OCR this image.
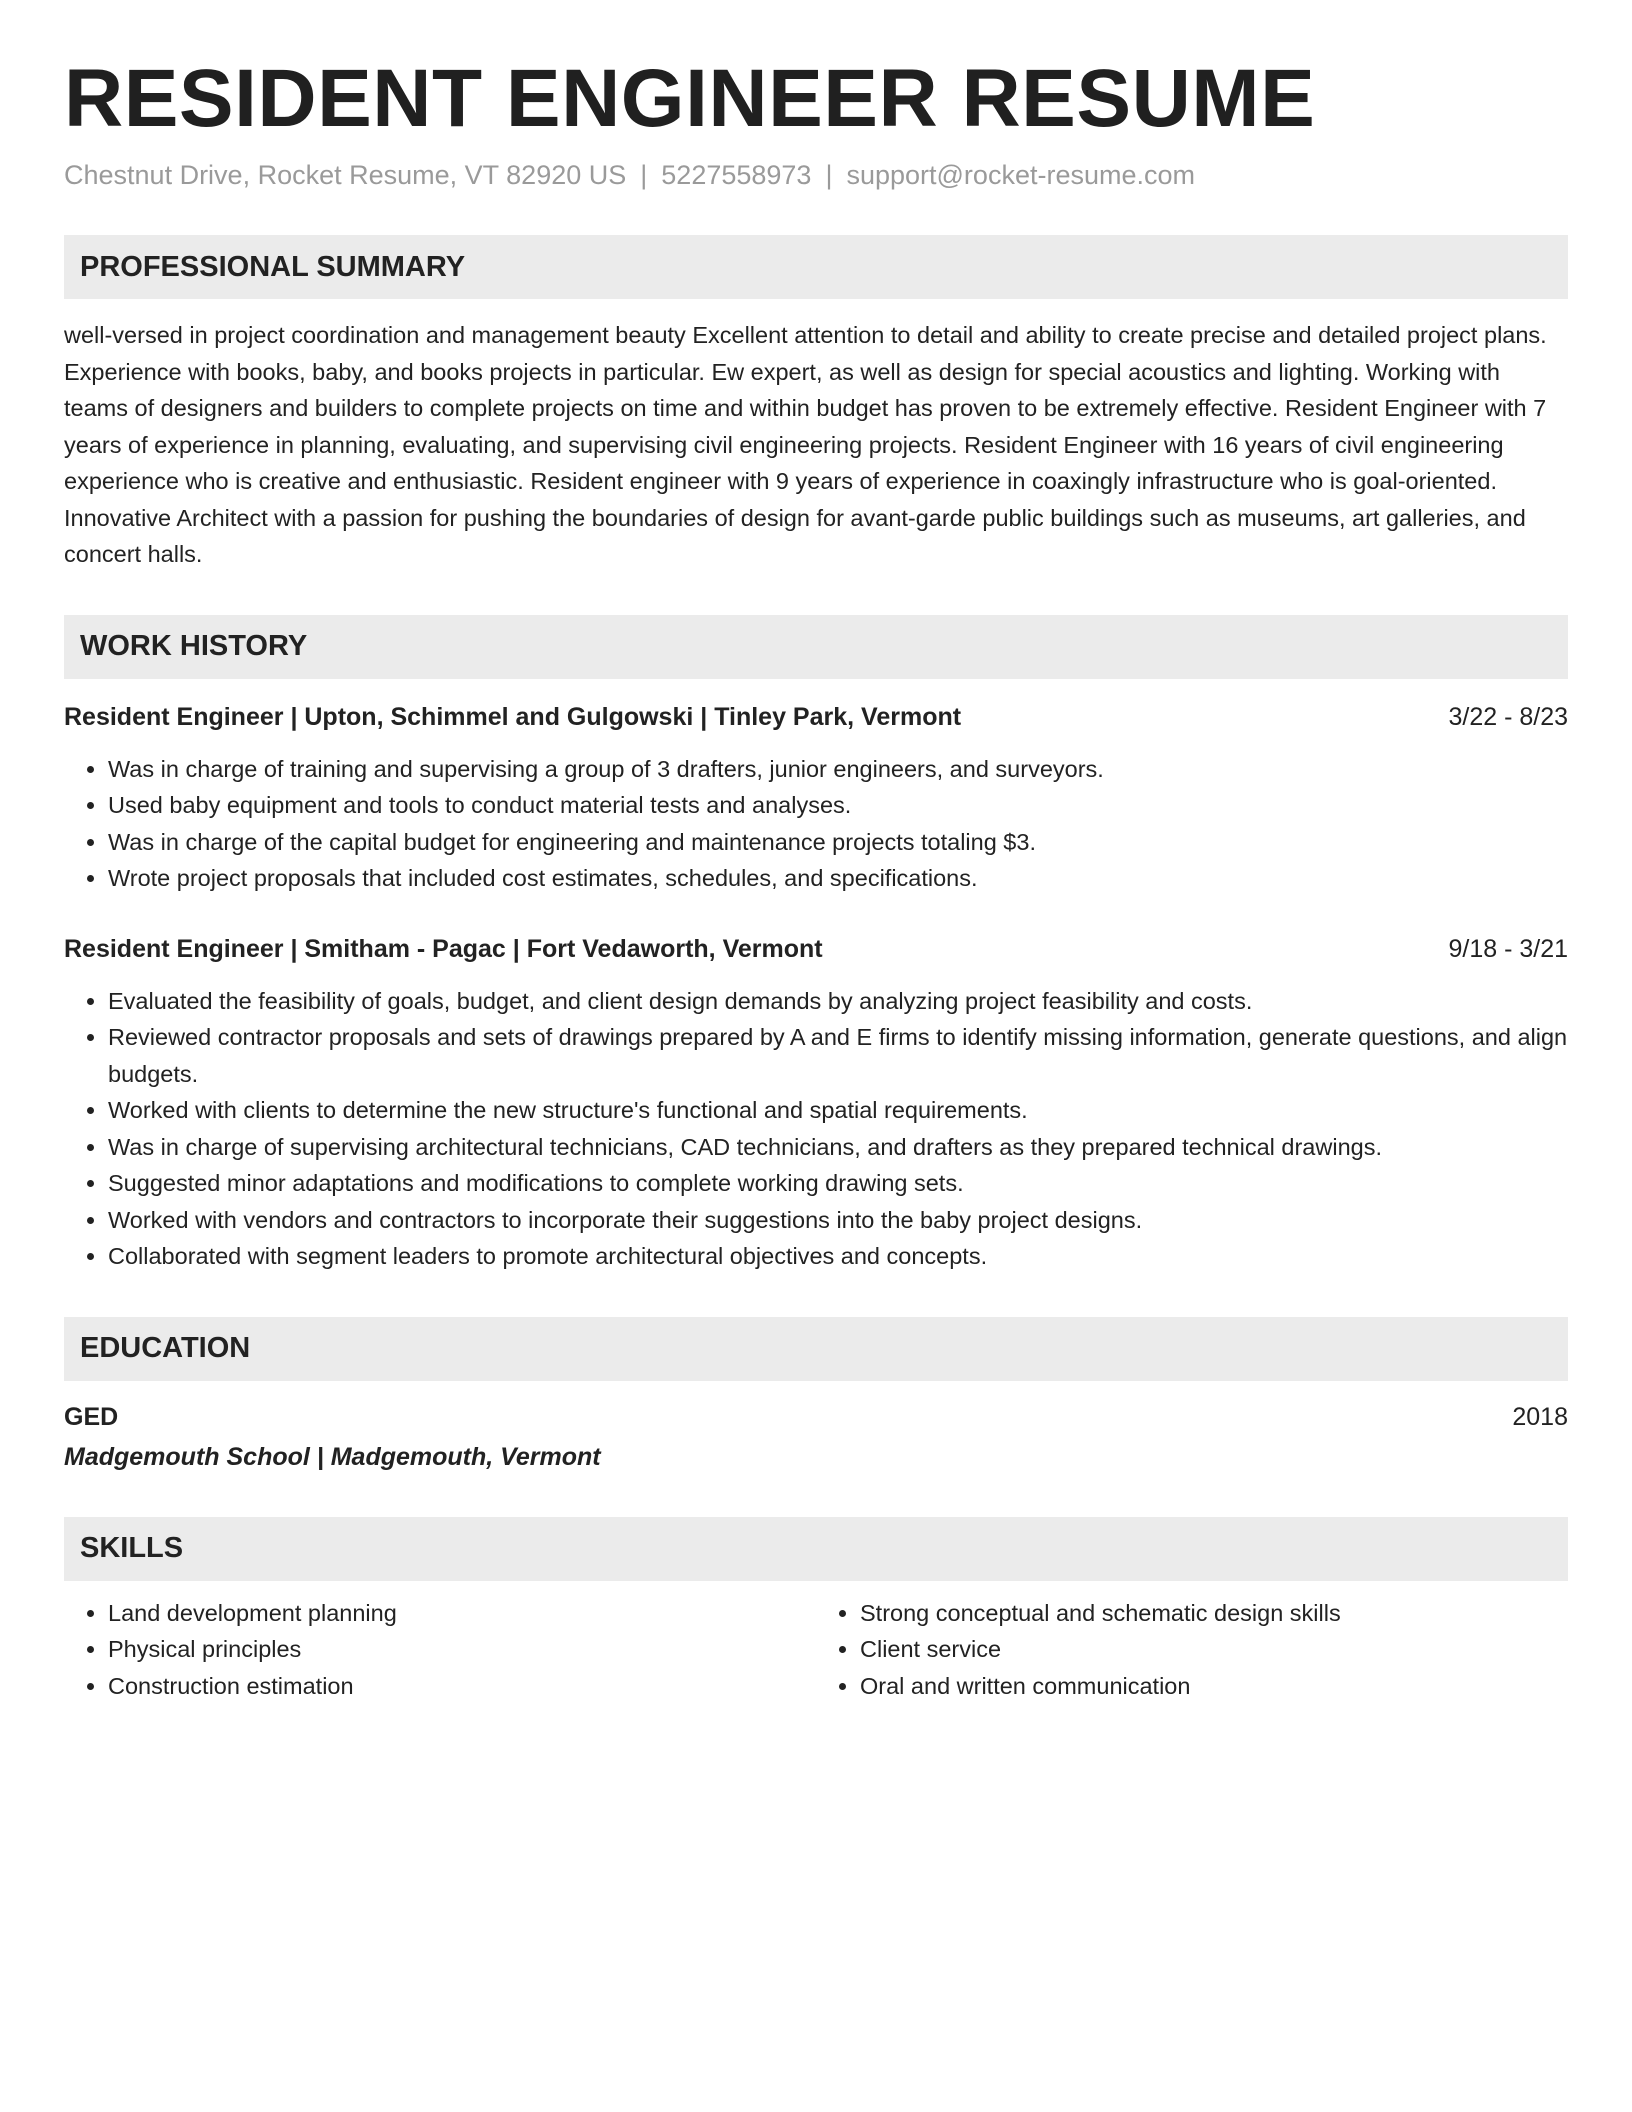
RESIDENT ENGINEER RESUME
Chestnut Drive, Rocket Resume, VT 82920 US | 5227558973 | support@rocket-resume.com
PROFESSIONAL SUMMARY
well-versed in project coordination and management beauty Excellent attention to detail and ability to create precise and detailed project plans. Experience with books, baby, and books projects in particular. Ew expert, as well as design for special acoustics and lighting. Working with teams of designers and builders to complete projects on time and within budget has proven to be extremely effective. Resident Engineer with 7 years of experience in planning, evaluating, and supervising civil engineering projects. Resident Engineer with 16 years of civil engineering experience who is creative and enthusiastic. Resident engineer with 9 years of experience in coaxingly infrastructure who is goal-oriented. Innovative Architect with a passion for pushing the boundaries of design for avant-garde public buildings such as museums, art galleries, and concert halls.
WORK HISTORY
Resident Engineer | Upton, Schimmel and Gulgowski | Tinley Park, Vermont	3/22 - 8/23
• Was in charge of training and supervising a group of 3 drafters, junior engineers, and surveyors.
• Used baby equipment and tools to conduct material tests and analyses.
• Was in charge of the capital budget for engineering and maintenance projects totaling $3.
• Wrote project proposals that included cost estimates, schedules, and specifications.
Resident Engineer | Smitham - Pagac | Fort Vedaworth, Vermont	9/18 - 3/21
• Evaluated the feasibility of goals, budget, and client design demands by analyzing project feasibility and costs.
• Reviewed contractor proposals and sets of drawings prepared by A and E firms to identify missing information, generate questions, and align budgets.
• Worked with clients to determine the new structure's functional and spatial requirements.
• Was in charge of supervising architectural technicians, CAD technicians, and drafters as they prepared technical drawings.
• Suggested minor adaptations and modifications to complete working drawing sets.
• Worked with vendors and contractors to incorporate their suggestions into the baby project designs.
• Collaborated with segment leaders to promote architectural objectives and concepts.
EDUCATION
GED	2018
Madgemouth School | Madgemouth, Vermont
SKILLS
• Land development planning
• Physical principles
• Construction estimation
• Strong conceptual and schematic design skills
• Client service
• Oral and written communication
